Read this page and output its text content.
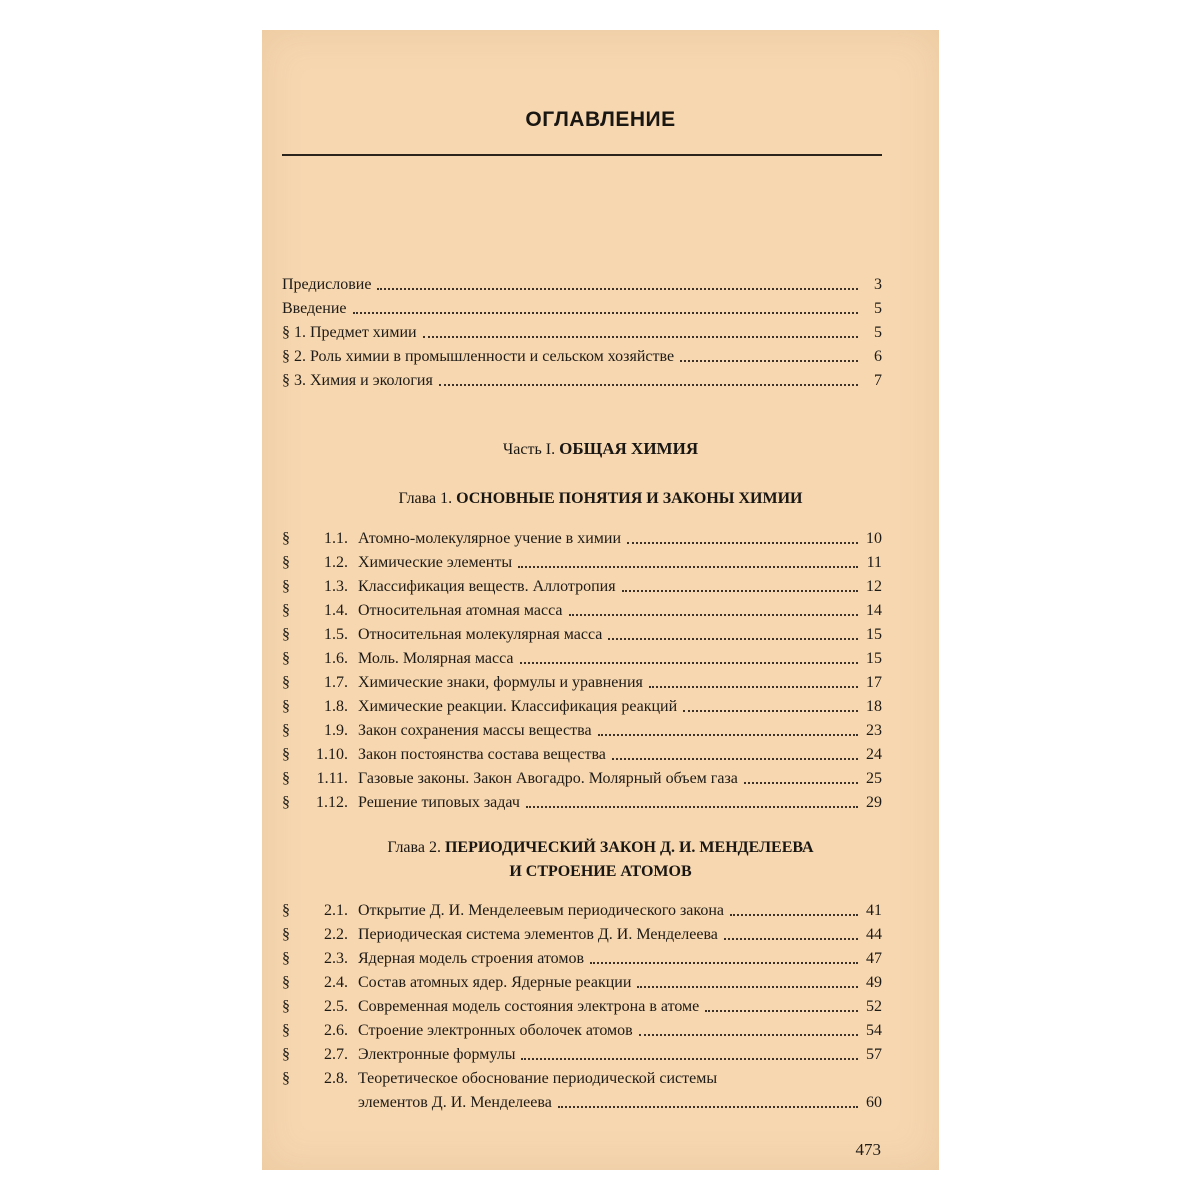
ОГЛАВЛЕНИЕ
Предисловие	3
Введение	5
§ 1. Предмет химии	5
§ 2. Роль химии в промышленности и сельском хозяйстве	6
§ 3. Химия и экология	7
Часть I. ОБЩАЯ ХИМИЯ
Глава 1. ОСНОВНЫЕ ПОНЯТИЯ И ЗАКОНЫ ХИМИИ
§	1.1. Атомно-молекулярное учение в химии	10
§	1.2. Химические элементы	11
§	1.3. Классификация веществ. Аллотропия	12
§	1.4. Относительная атомная масса	14
§	1.5. Относительная молекулярная масса	15
§	1.6. Моль. Молярная масса	15
§	1.7. Химические знаки, формулы и уравнения	17
§	1.8. Химические реакции. Классификация реакций	18
§	1.9. Закон сохранения массы вещества	23
§	1.10. Закон постоянства состава вещества	24
§	1.11. Газовые законы. Закон Авогадро. Молярный объем газа	25
§	1.12. Решение типовых задач	29
Глава 2. ПЕРИОДИЧЕСКИЙ ЗАКОН Д. И. МЕНДЕЛЕЕВА
И СТРОЕНИЕ АТОМОВ
§	2.1. Открытие Д. И. Менделеевым периодического закона	41
§	2.2. Периодическая система элементов Д. И. Менделеева	44
§	2.3. Ядерная модель строения атомов	47
§	2.4. Состав атомных ядер. Ядерные реакции	49
§	2.5. Современная модель состояния электрона в атоме	52
§	2.6. Строение электронных оболочек атомов	54
§	2.7. Электронные формулы	57
§	2.8. Теоретическое обоснование периодической системы
элементов Д. И. Менделеева	60
473
